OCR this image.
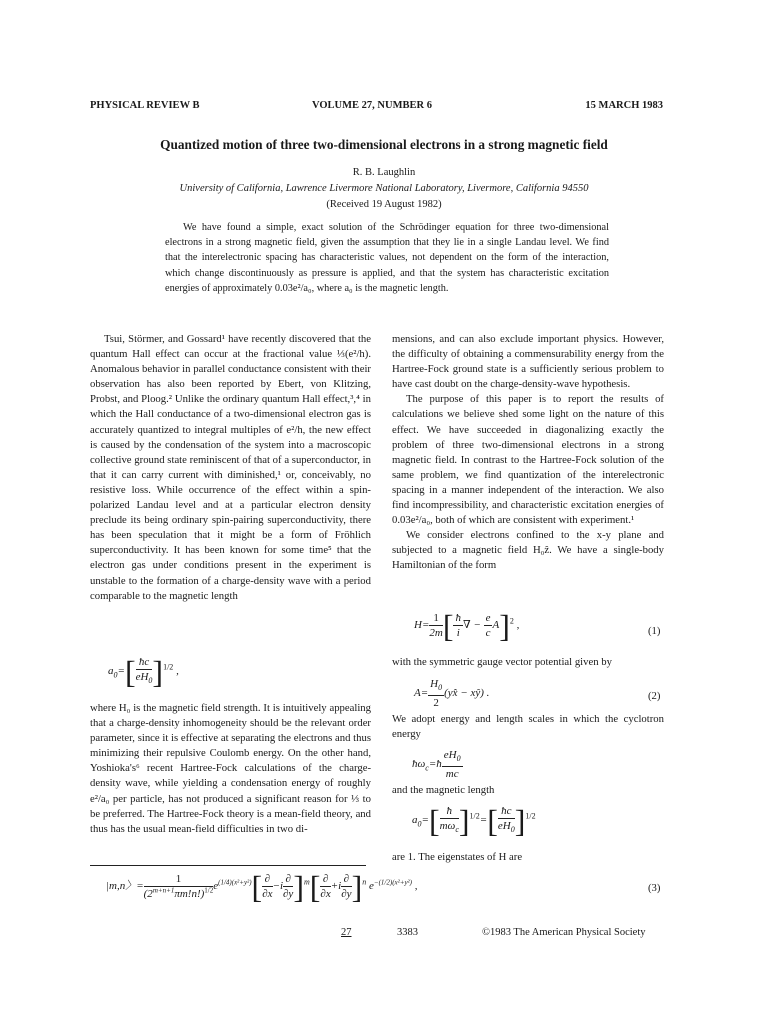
PHYSICAL REVIEW B	VOLUME 27, NUMBER 6	15 MARCH 1983
Quantized motion of three two-dimensional electrons in a strong magnetic field
R. B. Laughlin
University of California, Lawrence Livermore National Laboratory, Livermore, California 94550
(Received 19 August 1982)
We have found a simple, exact solution of the Schrödinger equation for three two-dimensional electrons in a strong magnetic field, given the assumption that they lie in a single Landau level. We find that the interelectronic spacing has characteristic values, not dependent on the form of the interaction, which change discontinuously as pressure is applied, and that the system has characteristic excitation energies of approximately 0.03e²/a₀, where a₀ is the magnetic length.

Tsui, Störmer, and Gossard¹ have recently discovered that the quantum Hall effect can occur at the fractional value ⅓(e²/h). Anomalous behavior in parallel conductance consistent with their observation has also been reported by Ebert, von Klitzing, Probst, and Ploog.² Unlike the ordinary quantum Hall effect,³,⁴ in which the Hall conductance of a two-dimensional electron gas is accurately quantized to integral multiples of e²/h, the new effect is caused by the condensation of the system into a macroscopic collective ground state reminiscent of that of a superconductor, in that it can carry current with diminished,¹ or, conceivably, no resistive loss. While occurrence of the effect within a spin-polarized Landau level and at a particular electron density preclude its being ordinary spin-pairing superconductivity, there has been speculation that it might be a form of Fröhlich superconductivity. It has been known for some time⁵ that the electron gas under conditions present in the experiment is unstable to the formation of a charge-density wave with a period comparable to the magnetic length

$a_0=[ \frac{ħc}{eH_0} ]^{1/2}$ ,

where H₀ is the magnetic field strength. It is intuitively appealing that a charge-density inhomogeneity should be the relevant order parameter, since it is effective at separating the electrons and thus minimizing their repulsive Coulomb energy. On the other hand, Yoshioka's⁶ recent Hartree-Fock calculations of the charge-density wave, while yielding a condensation energy of roughly e²/a₀ per particle, has not produced a significant reason for ⅓ to be preferred. The Hartree-Fock theory is a mean-field theory, and thus has the usual mean-field difficulties in two di-

mensions, and can also exclude important physics. However, the difficulty of obtaining a commensurability energy from the Hartree-Fock ground state is a sufficiently serious problem to have cast doubt on the charge-density-wave hypothesis.

The purpose of this paper is to report the results of calculations we believe shed some light on the nature of this effect. We have succeeded in diagonalizing exactly the problem of three two-dimensional electrons in a strong magnetic field. In contrast to the Hartree-Fock solution of the same problem, we find quantization of the interelectronic spacing in a manner independent of the interaction. We also find incompressibility, and characteristic excitation energies of 0.03e²/a₀, both of which are consistent with experiment.¹

We consider electrons confined to the x-y plane and subjected to a magnetic field H₀ẑ. We have a single-body Hamiltonian of the form

$H= \frac{1}{2m}$ [ $\frac{ħ}{i}$ ∇ − $\frac{e}{c} A]^2$ ,	(1)

with the symmetric gauge vector potential given by

$A= \frac{H_0}{2}$ (yx̂ − xŷ) .	(2)

We adopt energy and length scales in which the cyclotron energy

$ħ\omega_c=ħ \frac{eH_0}{mc}$

and the magnetic length

$a_0=[ \frac{ħ}{m\omega_c} ]^{1/2}=[ \frac{ħc}{eH_0} ]^{1/2}$

are 1. The eigenstates of H are

|m,n〉= $\frac{1}{(2^{m+n+1}\pi m!n!)^{1/2}} e^{(1/4)(x^2+y^2)}[ \frac{\partial}{\partial x} -i \frac{\partial}{\partial y} ]^m[ \frac{\partial}{\partial x} +i \frac{\partial}{\partial y} ]^n$ $e^{-(1/2)(x^2+y^2)}$ ,	(3)
27	3383	©1983 The American Physical Society
